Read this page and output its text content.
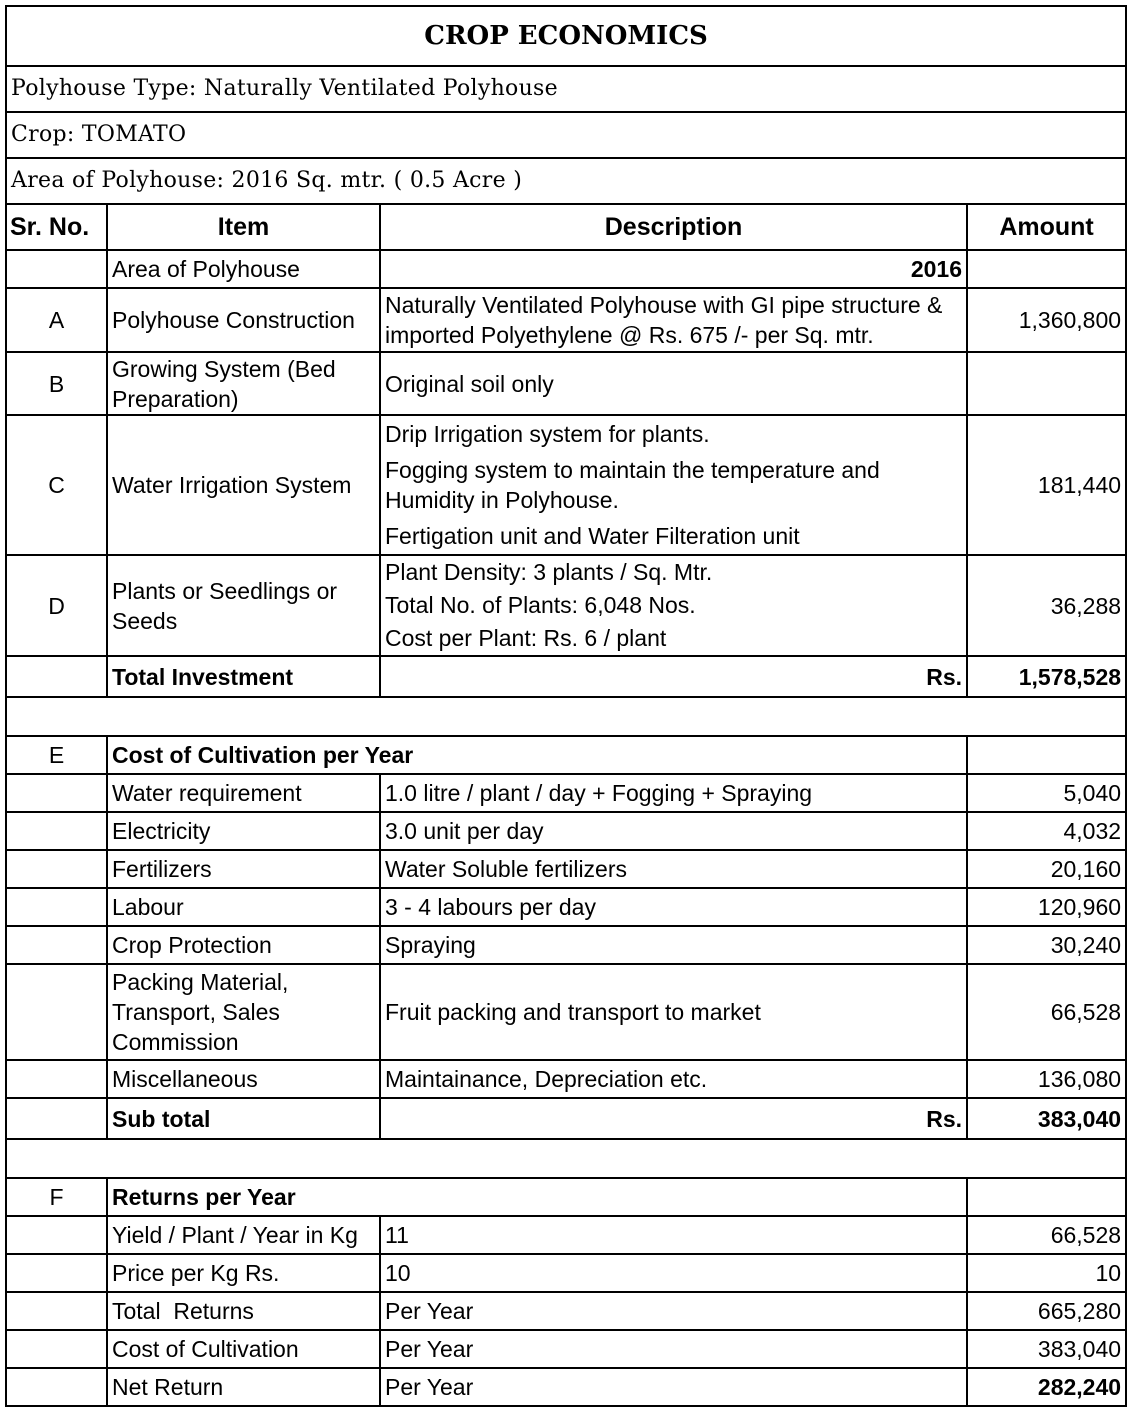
CROP ECONOMICS			
Polyhouse Type: Naturally Ventilated Polyhouse			
Crop: TOMATO			
Area of Polyhouse: 2016 Sq. mtr. ( 0.5 Acre )			
Sr. No.	Item	Description	Amount
	Area of Polyhouse	2016	
A	Polyhouse Construction	Naturally Ventilated Polyhouse with GI pipe structure & imported Polyethylene @ Rs. 675 /- per Sq. mtr.	1,360,800
B	Growing System (Bed Preparation)	Original soil only	
C	Water Irrigation System	Drip Irrigation system for plants.
Fogging system to maintain the temperature and Humidity in Polyhouse.
Fertigation unit and Water Filteration unit	181,440
D	Plants or Seedlings or Seeds	Plant Density: 3 plants / Sq. Mtr.
Total No. of Plants: 6,048 Nos.
Cost per Plant: Rs. 6 / plant	36,288
	Total Investment	Rs.	1,578,528

E	Cost of Cultivation per Year		
	Water requirement	1.0 litre / plant / day + Fogging + Spraying	5,040
	Electricity	3.0 unit per day	4,032
	Fertilizers	Water Soluble fertilizers	20,160
	Labour	3 - 4 labours per day	120,960
	Crop Protection	Spraying	30,240
	Packing Material, Transport, Sales Commission	Fruit packing and transport to market	66,528
	Miscellaneous	Maintainance, Depreciation etc.	136,080
	Sub total	Rs.	383,040

F	Returns per Year		
	Yield / Plant / Year in Kg	11	66,528
	Price per Kg Rs.	10	10
	Total  Returns	Per Year	665,280
	Cost of Cultivation	Per Year	383,040
	Net Return	Per Year	282,240
